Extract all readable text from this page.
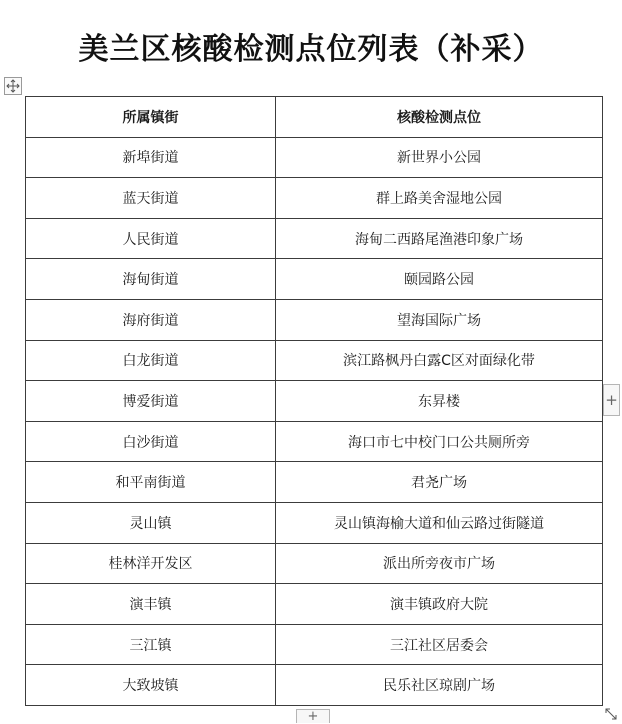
美兰区核酸检测点位列表（补采）
所属镇街	核酸检测点位
新埠街道	新世界小公园
蓝天街道	群上路美舍湿地公园
人民街道	海甸二西路尾渔港印象广场
海甸街道	颐园路公园
海府街道	望海国际广场
白龙街道	滨江路枫丹白露C区对面绿化带
博爱街道	东昇楼
白沙街道	海口市七中校门口公共厕所旁
和平南街道	君尧广场
灵山镇	灵山镇海榆大道和仙云路过街隧道
桂林洋开发区	派出所旁夜市广场
演丰镇	演丰镇政府大院
三江镇	三江社区居委会
大致坡镇	民乐社区琼剧广场
+
+
